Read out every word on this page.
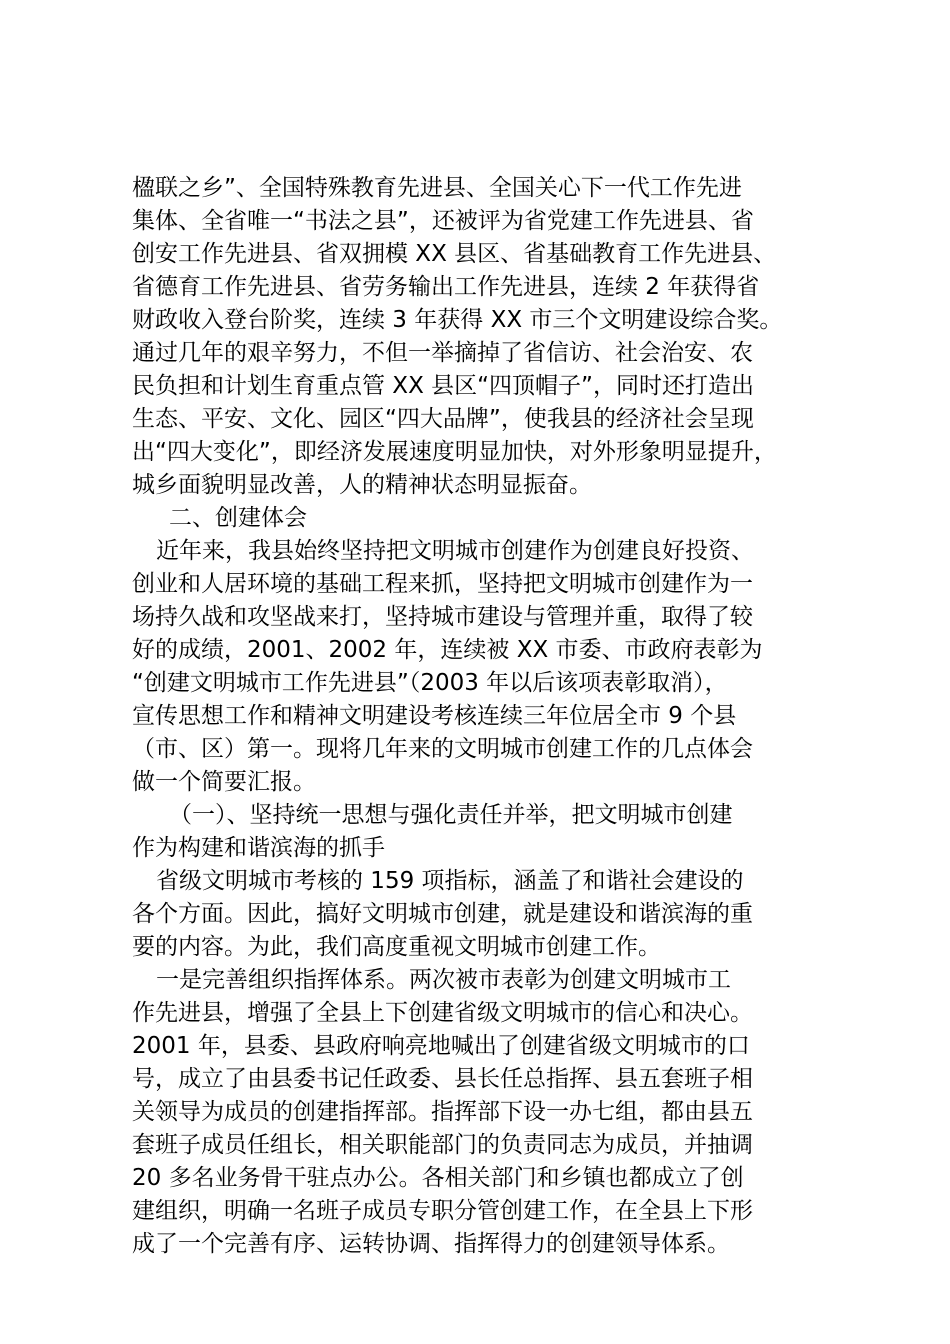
楹联之乡”、全国特殊教育先进县、全国关心下一代工作先进
集体、全省唯一“书法之县”，还被评为省党建工作先进县、省
创安工作先进县、省双拥模 XX 县区、省基础教育工作先进县、
省德育工作先进县、省劳务输出工作先进县，连续 2 年获得省
财政收入登台阶奖，连续 3 年获得 XX 市三个文明建设综合奖。
通过几年的艰辛努力，不但一举摘掉了省信访、社会治安、农
民负担和计划生育重点管 XX 县区“四顶帽子”，同时还打造出
生态、平安、文化、园区“四大品牌”，使我县的经济社会呈现
出“四大变化”，即经济发展速度明显加快，对外形象明显提升，
城乡面貌明显改善，人的精神状态明显振奋。
二、创建体会
近年来，我县始终坚持把文明城市创建作为创建良好投资、
创业和人居环境的基础工程来抓，坚持把文明城市创建作为一
场持久战和攻坚战来打，坚持城市建设与管理并重，取得了较
好的成绩，2001、2002 年，连续被 XX 市委、市政府表彰为
“创建文明城市工作先进县”（2003 年以后该项表彰取消），
宣传思想工作和精神文明建设考核连续三年位居全市 9 个县
（市、区）第一。现将几年来的文明城市创建工作的几点体会
做一个简要汇报。
（一）、坚持统一思想与强化责任并举，把文明城市创建
作为构建和谐滨海的抓手
省级文明城市考核的 159 项指标，涵盖了和谐社会建设的
各个方面。因此，搞好文明城市创建，就是建设和谐滨海的重
要的内容。为此，我们高度重视文明城市创建工作。
一是完善组织指挥体系。两次被市表彰为创建文明城市工
作先进县，增强了全县上下创建省级文明城市的信心和决心。
2001 年，县委、县政府响亮地喊出了创建省级文明城市的口
号，成立了由县委书记任政委、县长任总指挥、县五套班子相
关领导为成员的创建指挥部。指挥部下设一办七组，都由县五
套班子成员任组长，相关职能部门的负责同志为成员，并抽调
20 多名业务骨干驻点办公。各相关部门和乡镇也都成立了创
建组织，明确一名班子成员专职分管创建工作，在全县上下形
成了一个完善有序、运转协调、指挥得力的创建领导体系。
